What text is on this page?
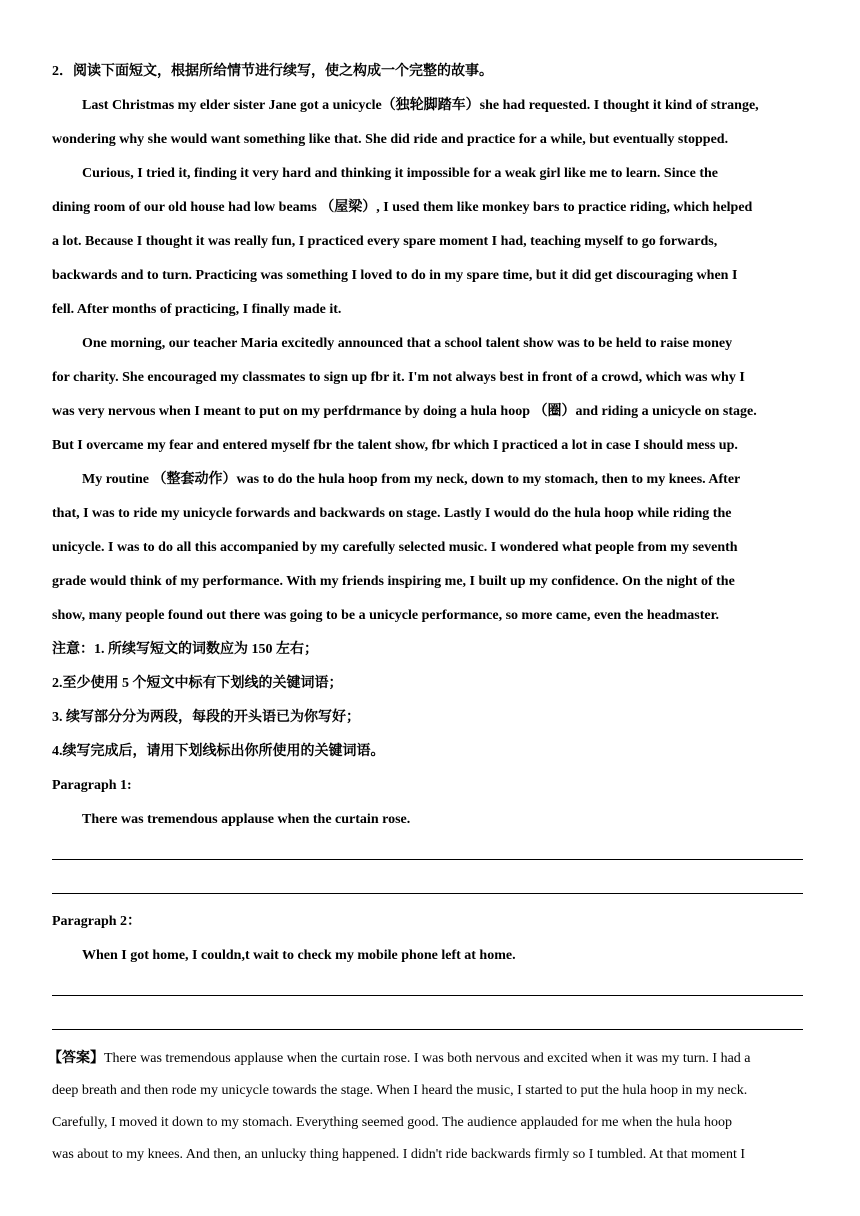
2．阅读下面短文，根据所给情节进行续写，使之构成一个完整的故事。
Last Christmas my elder sister Jane got a unicycle（独轮脚踏车）she had requested. I thought it kind of strange,
wondering why she would want something like that. She did ride and practice for a while, but eventually stopped.
Curious, I tried it, finding it very hard and thinking it impossible for a weak girl like me to learn. Since the
dining room of our old house had low beams （屋梁）, I used them like monkey bars to practice riding, which helped
a lot. Because I thought it was really fun, I practiced every spare moment I had, teaching myself to go forwards,
backwards and to turn. Practicing was something I loved to do in my spare time, but it did get discouraging when I
fell. After months of practicing, I finally made it.
One morning, our teacher Maria excitedly announced that a school talent show was to be held to raise money
for charity. She encouraged my classmates to sign up fbr it. I'm not always best in front of a crowd, which was why I
was very nervous when I meant to put on my perfdrmance by doing a hula hoop （圈）and riding a unicycle on stage.
But I overcame my fear and entered myself fbr the talent show, fbr which I practiced a lot in case I should mess up.
My routine （整套动作）was to do the hula hoop from my neck, down to my stomach, then to my knees. After
that, I was to ride my unicycle forwards and backwards on stage. Lastly I would do the hula hoop while riding the
unicycle. I was to do all this accompanied by my carefully selected music. I wondered what people from my seventh
grade would think of my performance. With my friends inspiring me, I built up my confidence. On the night of the
show, many people found out there was going to be a unicycle performance, so more came, even the headmaster.
注意：1. 所续写短文的词数应为 150 左右；
2.至少使用 5 个短文中标有下划线的关键词语；
3. 续写部分分为两段，每段的开头语已为你写好；
4.续写完成后，请用下划线标出你所使用的关键词语。
Paragraph 1:
There was tremendous applause when the curtain rose.
Paragraph 2：
When I got home, I couldn,t wait to check my mobile phone left at home.
【答案】There was tremendous applause when the curtain rose. I was both nervous and excited when it was my turn. I had a
deep breath and then rode my unicycle towards the stage. When I heard the music, I started to put the hula hoop in my neck.
Carefully, I moved it down to my stomach. Everything seemed good. The audience applauded for me when the hula hoop
was about to my knees. And then, an unlucky thing happened. I didn't ride backwards firmly so I tumbled. At that moment I
